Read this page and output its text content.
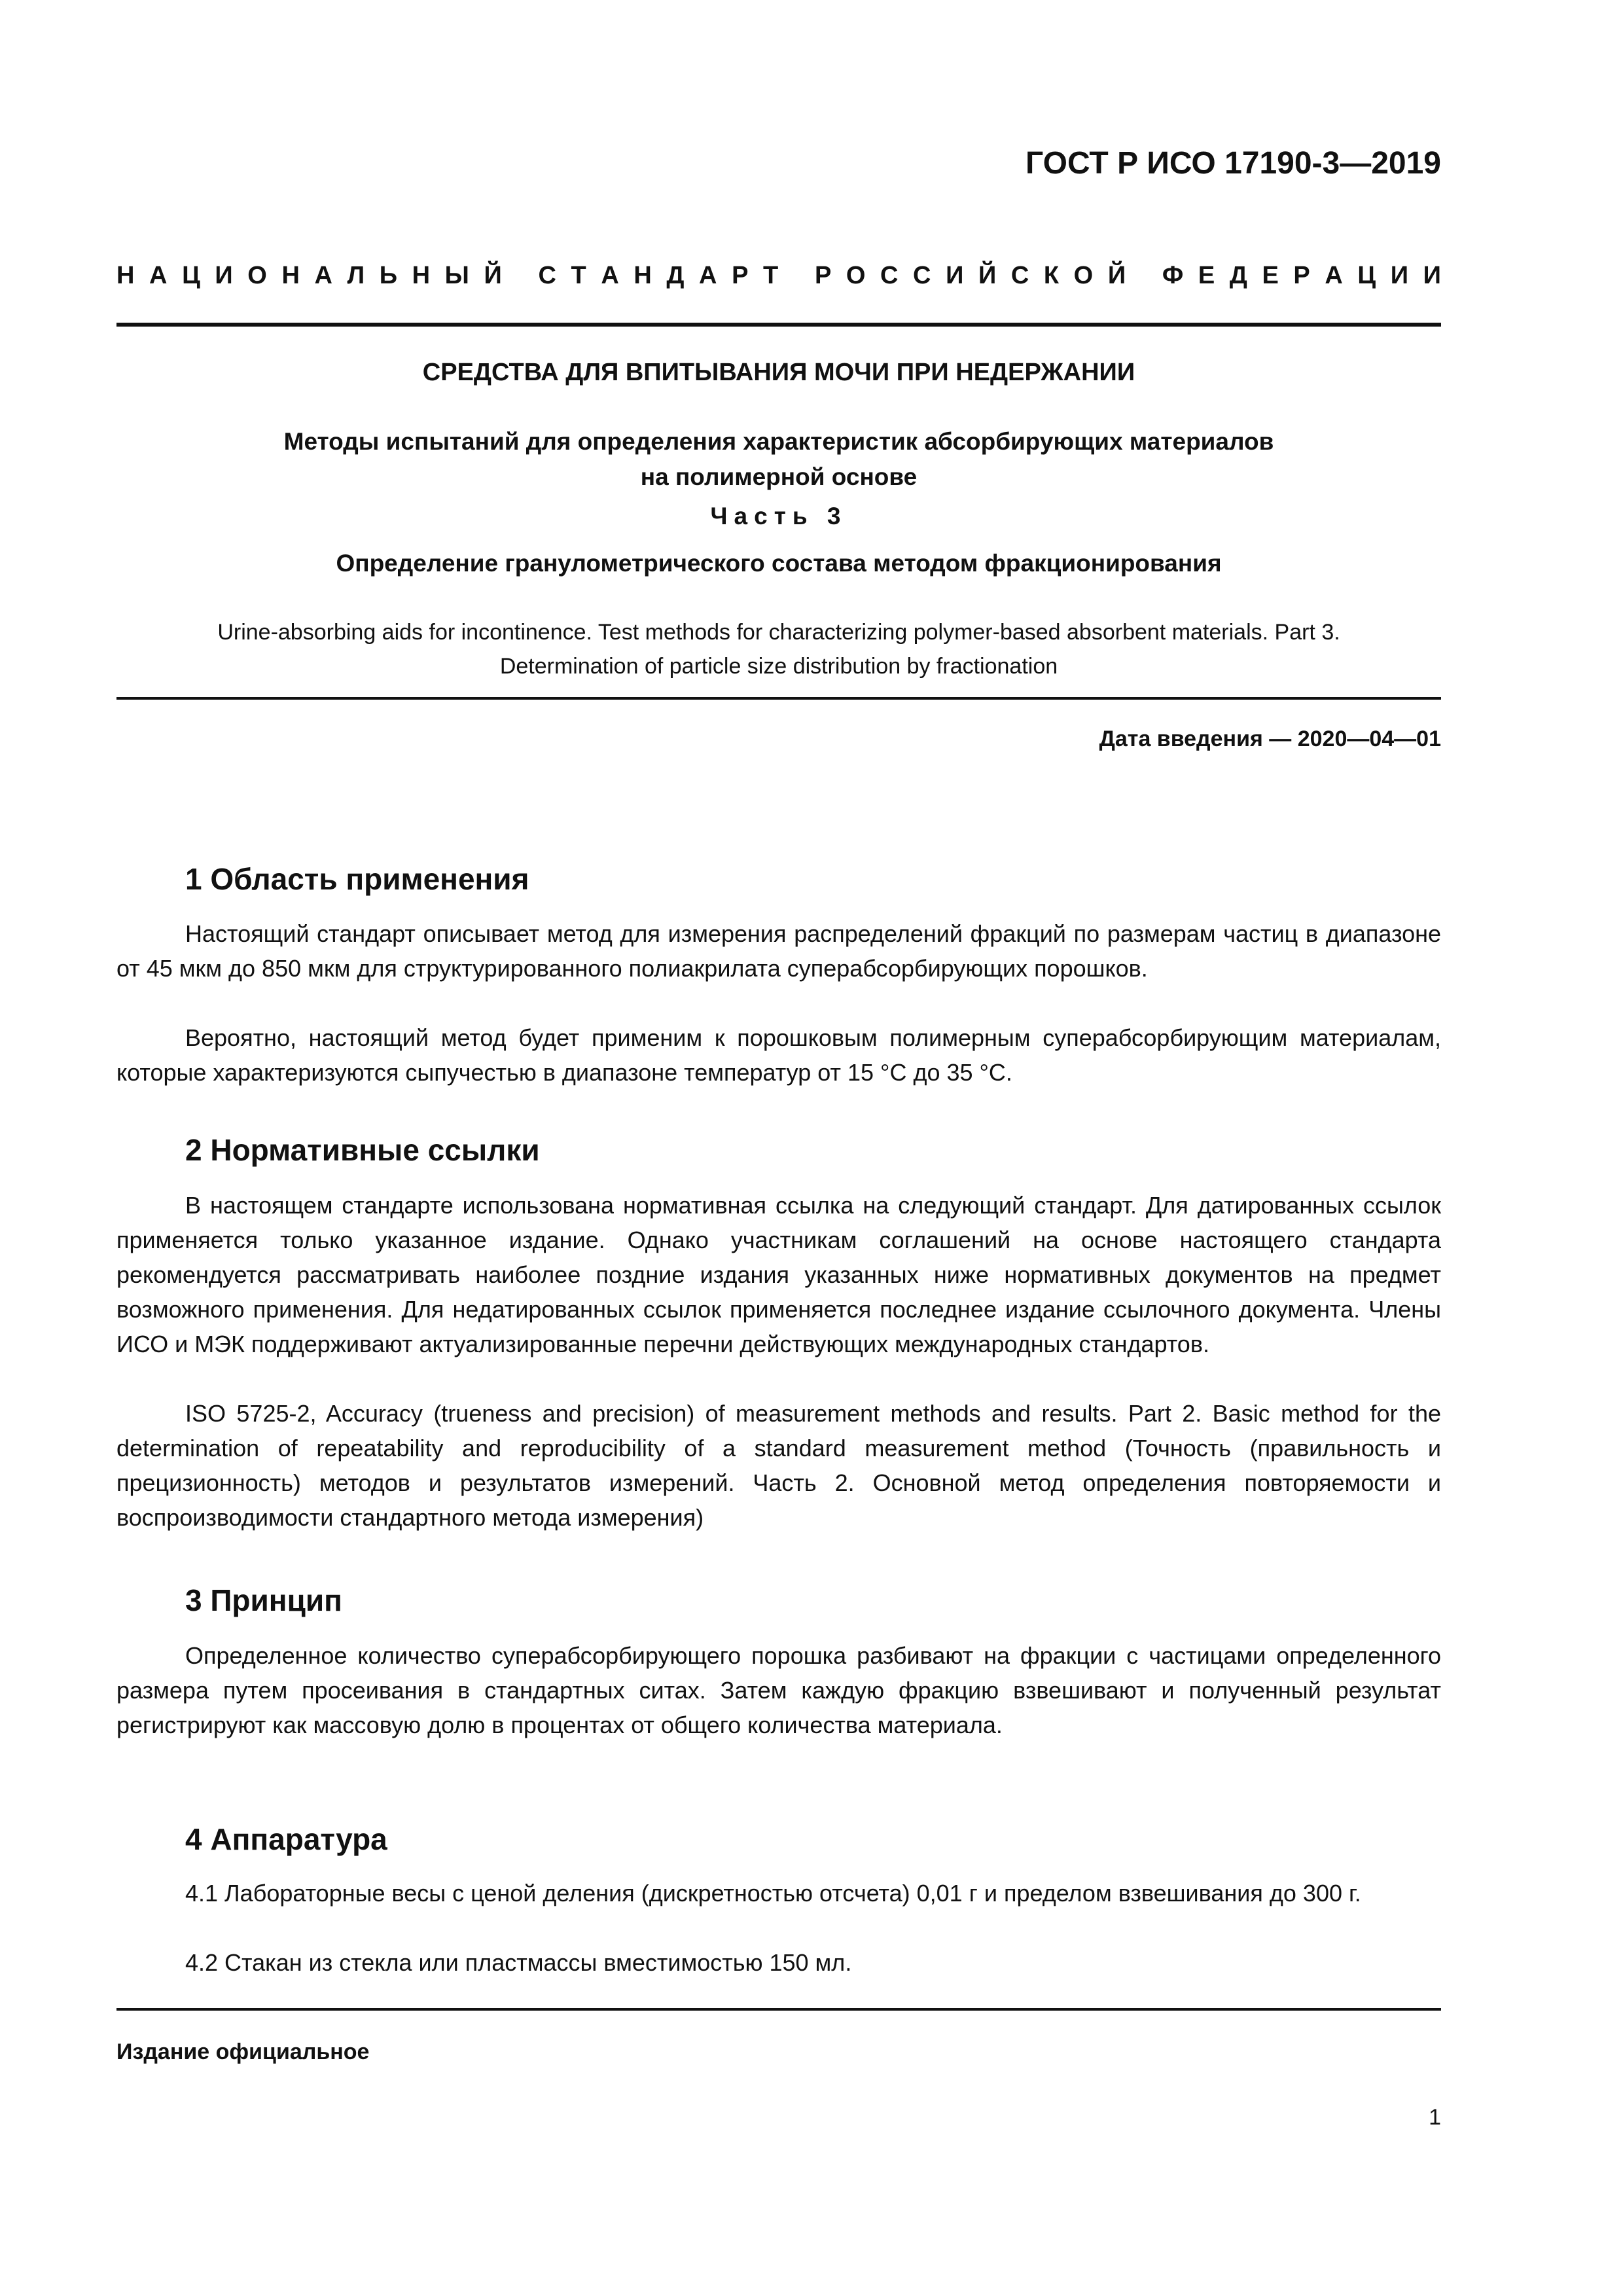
ГОСТ Р ИСО 17190-3—2019
Н А Ц И О Н А Л Ь Н Ы Й
С Т А Н Д А Р Т
Р О С С И Й С К О Й
Ф Е Д Е Р А Ц И И
СРЕДСТВА ДЛЯ ВПИТЫВАНИЯ МОЧИ ПРИ НЕДЕРЖАНИИ
Методы испытаний для определения характеристик абсорбирующих материалов
на полимерной основе
Часть 3
Определение гранулометрического состава методом фракционирования
Urine-absorbing aids for incontinence. Test methods for characterizing polymer-based absorbent materials. Part 3.
Determination of particle size distribution by fractionation
Дата введения — 2020—04—01
1 Область применения

Настоящий стандарт описывает метод для измерения распределений фракций по размерам частиц в диапазоне от 45 мкм до 850 мкм для структурированного полиакрилата суперабсорбирующих порошков.

Вероятно, настоящий метод будет применим к порошковым полимерным суперабсорбирующим материалам, которые характеризуются сыпучестью в диапазоне температур от 15 °С до 35 °С.

2 Нормативные ссылки

В настоящем стандарте использована нормативная ссылка на следующий стандарт. Для датированных ссылок применяется только указанное издание. Однако участникам соглашений на основе настоящего стандарта рекомендуется рассматривать наиболее поздние издания указанных ниже нормативных документов на предмет возможного применения. Для недатированных ссылок применяется последнее издание ссылочного документа. Члены ИСО и МЭК поддерживают актуализированные перечни действующих международных стандартов.

ISO 5725-2, Accuracy (trueness and precision) of measurement methods and results. Part 2. Basic method for the determination of repeatability and reproducibility of a standard measurement method (Точность (правильность и прецизионность) методов и результатов измерений. Часть 2. Основной метод определения повторяемости и воспроизводимости стандартного метода измерения)

3 Принцип

Определенное количество суперабсорбирующего порошка разбивают на фракции с частицами определенного размера путем просеивания в стандартных ситах. Затем каждую фракцию взвешивают и полученный результат регистрируют как массовую долю в процентах от общего количества материала.

4 Аппаратура

4.1 Лабораторные весы с ценой деления (дискретностью отсчета) 0,01 г и пределом взвешивания до 300 г.

4.2 Стакан из стекла или пластмассы вместимостью 150 мл.

Издание официальное
1
